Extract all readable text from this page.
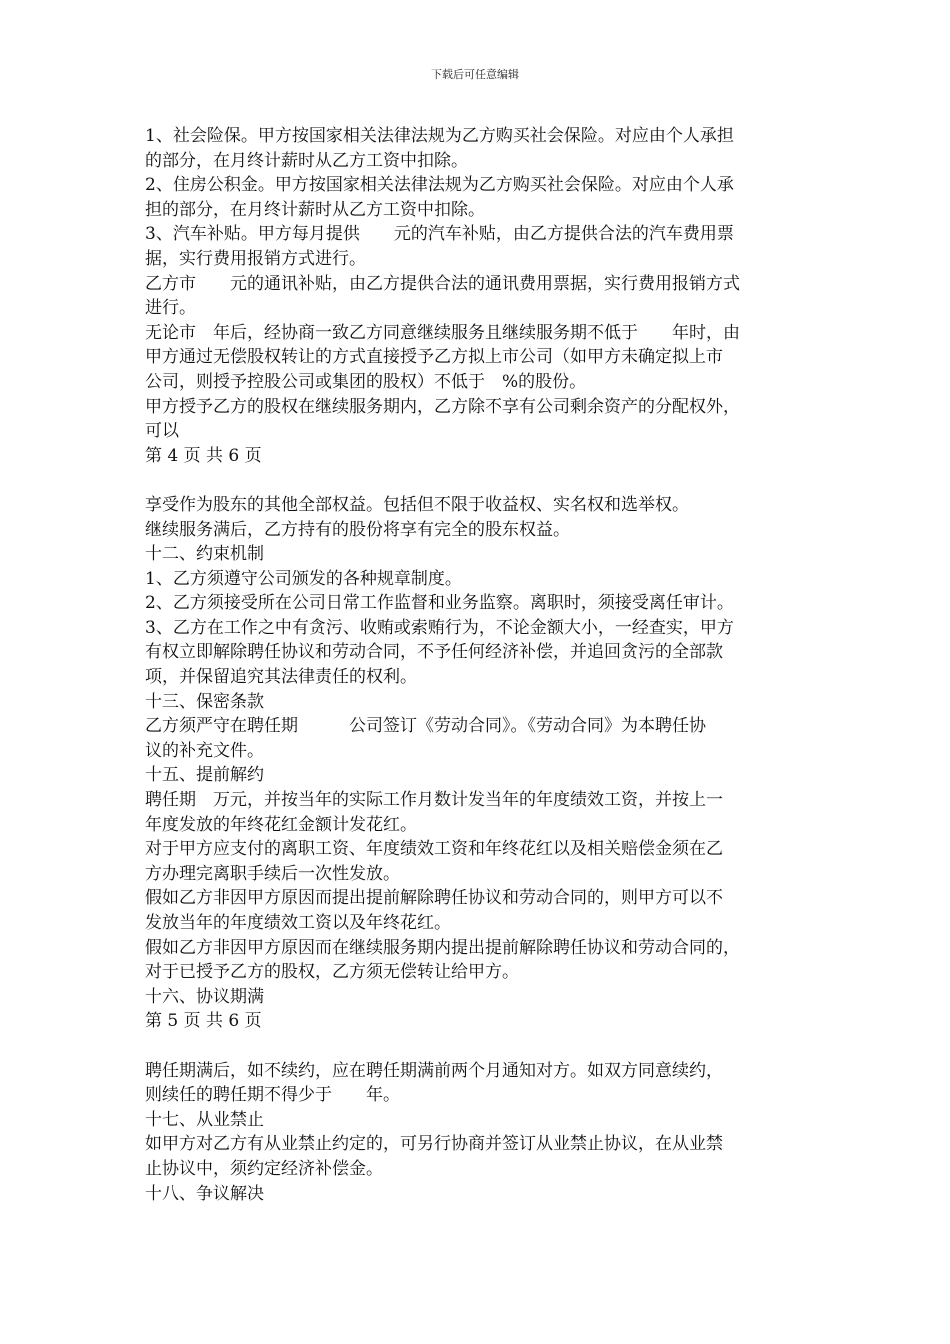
下载后可任意编辑
1、社会险保。甲方按国家相关法律法规为乙方购买社会保险。对应由个人承担
的部分，在月终计薪时从乙方工资中扣除。
2、住房公积金。甲方按国家相关法律法规为乙方购买社会保险。对应由个人承
担的部分，在月终计薪时从乙方工资中扣除。
3、汽车补贴。甲方每月提供　　元的汽车补贴，由乙方提供合法的汽车费用票
据，实行费用报销方式进行。
乙方市　　元的通讯补贴，由乙方提供合法的通讯费用票据，实行费用报销方式
进行。
无论市　年后，经协商一致乙方同意继续服务且继续服务期不低于　　年时，由
甲方通过无偿股权转让的方式直接授予乙方拟上市公司（如甲方未确定拟上市
公司，则授予控股公司或集团的股权）不低于　%的股份。
甲方授予乙方的股权在继续服务期内，乙方除不享有公司剩余资产的分配权外，
可以
第 4 页 共 6 页
享受作为股东的其他全部权益。包括但不限于收益权、实名权和选举权。
继续服务满后，乙方持有的股份将享有完全的股东权益。
十二、约束机制
1、乙方须遵守公司颁发的各种规章制度。
2、乙方须接受所在公司日常工作监督和业务监察。离职时，须接受离任审计。
3、乙方在工作之中有贪污、收贿或索贿行为，不论金额大小，一经查实，甲方
有权立即解除聘任协议和劳动合同，不予任何经济补偿，并追回贪污的全部款
项，并保留追究其法律责任的权利。
十三、保密条款
乙方须严守在聘任期　　　公司签订《劳动合同》。《劳动合同》为本聘任协
议的补充文件。
十五、提前解约
聘任期　万元，并按当年的实际工作月数计发当年的年度绩效工资，并按上一
年度发放的年终花红金额计发花红。
对于甲方应支付的离职工资、年度绩效工资和年终花红以及相关赔偿金须在乙
方办理完离职手续后一次性发放。
假如乙方非因甲方原因而提出提前解除聘任协议和劳动合同的，则甲方可以不
发放当年的年度绩效工资以及年终花红。
假如乙方非因甲方原因而在继续服务期内提出提前解除聘任协议和劳动合同的，
对于已授予乙方的股权，乙方须无偿转让给甲方。
十六、协议期满
第 5 页 共 6 页
聘任期满后，如不续约，应在聘任期满前两个月通知对方。如双方同意续约，
则续任的聘任期不得少于　　年。
十七、从业禁止
如甲方对乙方有从业禁止约定的，可另行协商并签订从业禁止协议，在从业禁
止协议中，须约定经济补偿金。
十八、争议解决
